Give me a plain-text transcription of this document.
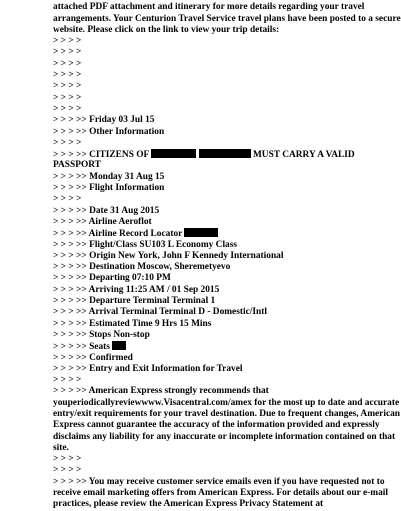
attached PDF attachment and itinerary for more details regarding your travel
arrangements. Your Centurion Travel Service travel plans have been posted to a secure
website. Please click on the link to view your trip details:
> > > >
> > > >
> > > >
> > > >
> > > >
> > > >
> > > >
> > > >> Friday 03 Jul 15
> > > >> Other Information
> > > >
> > > >> CITIZENS OF	MUST CARRY A VALID
PASSPORT
> > > >> Monday 31 Aug 15
> > > >> Flight Information
> > > >
> > > >> Date 31 Aug 2015
> > > >> Airline Aeroflot
> > > >> Airline Record Locator
> > > >> Flight/Class SU103 L Economy Class
> > > >> Origin New York, John F Kennedy International
> > > >> Destination Moscow, Sheremetyevo
> > > >> Departing 07:10 PM
> > > >> Arriving 11:25 AM / 01 Sep 2015
> > > >> Departure Terminal Terminal 1
> > > >> Arrival Terminal Terminal D - Domestic/Intl
> > > >> Estimated Time 9 Hrs 15 Mins
> > > >> Stops Non-stop
> > > >> Seats
> > > >> Confirmed
> > > >> Entry and Exit Information for Travel
> > > >
> > > >> American Express strongly recommends that
youperiodicallyreviewwww.Visacentral.com/amex for the most up to date and accurate
entry/exit requirements for your travel destination. Due to frequent changes, American
Express cannot guarantee the accuracy of the information provided and expressly
disclaims any liability for any inaccurate or incomplete information contained on that
site.
> > > >
> > > >
> > > >> You may receive customer service emails even if you have requested not to
receive email marketing offers from American Express. For details about our e-mail
practices, please review the American Express Privacy Statement at
